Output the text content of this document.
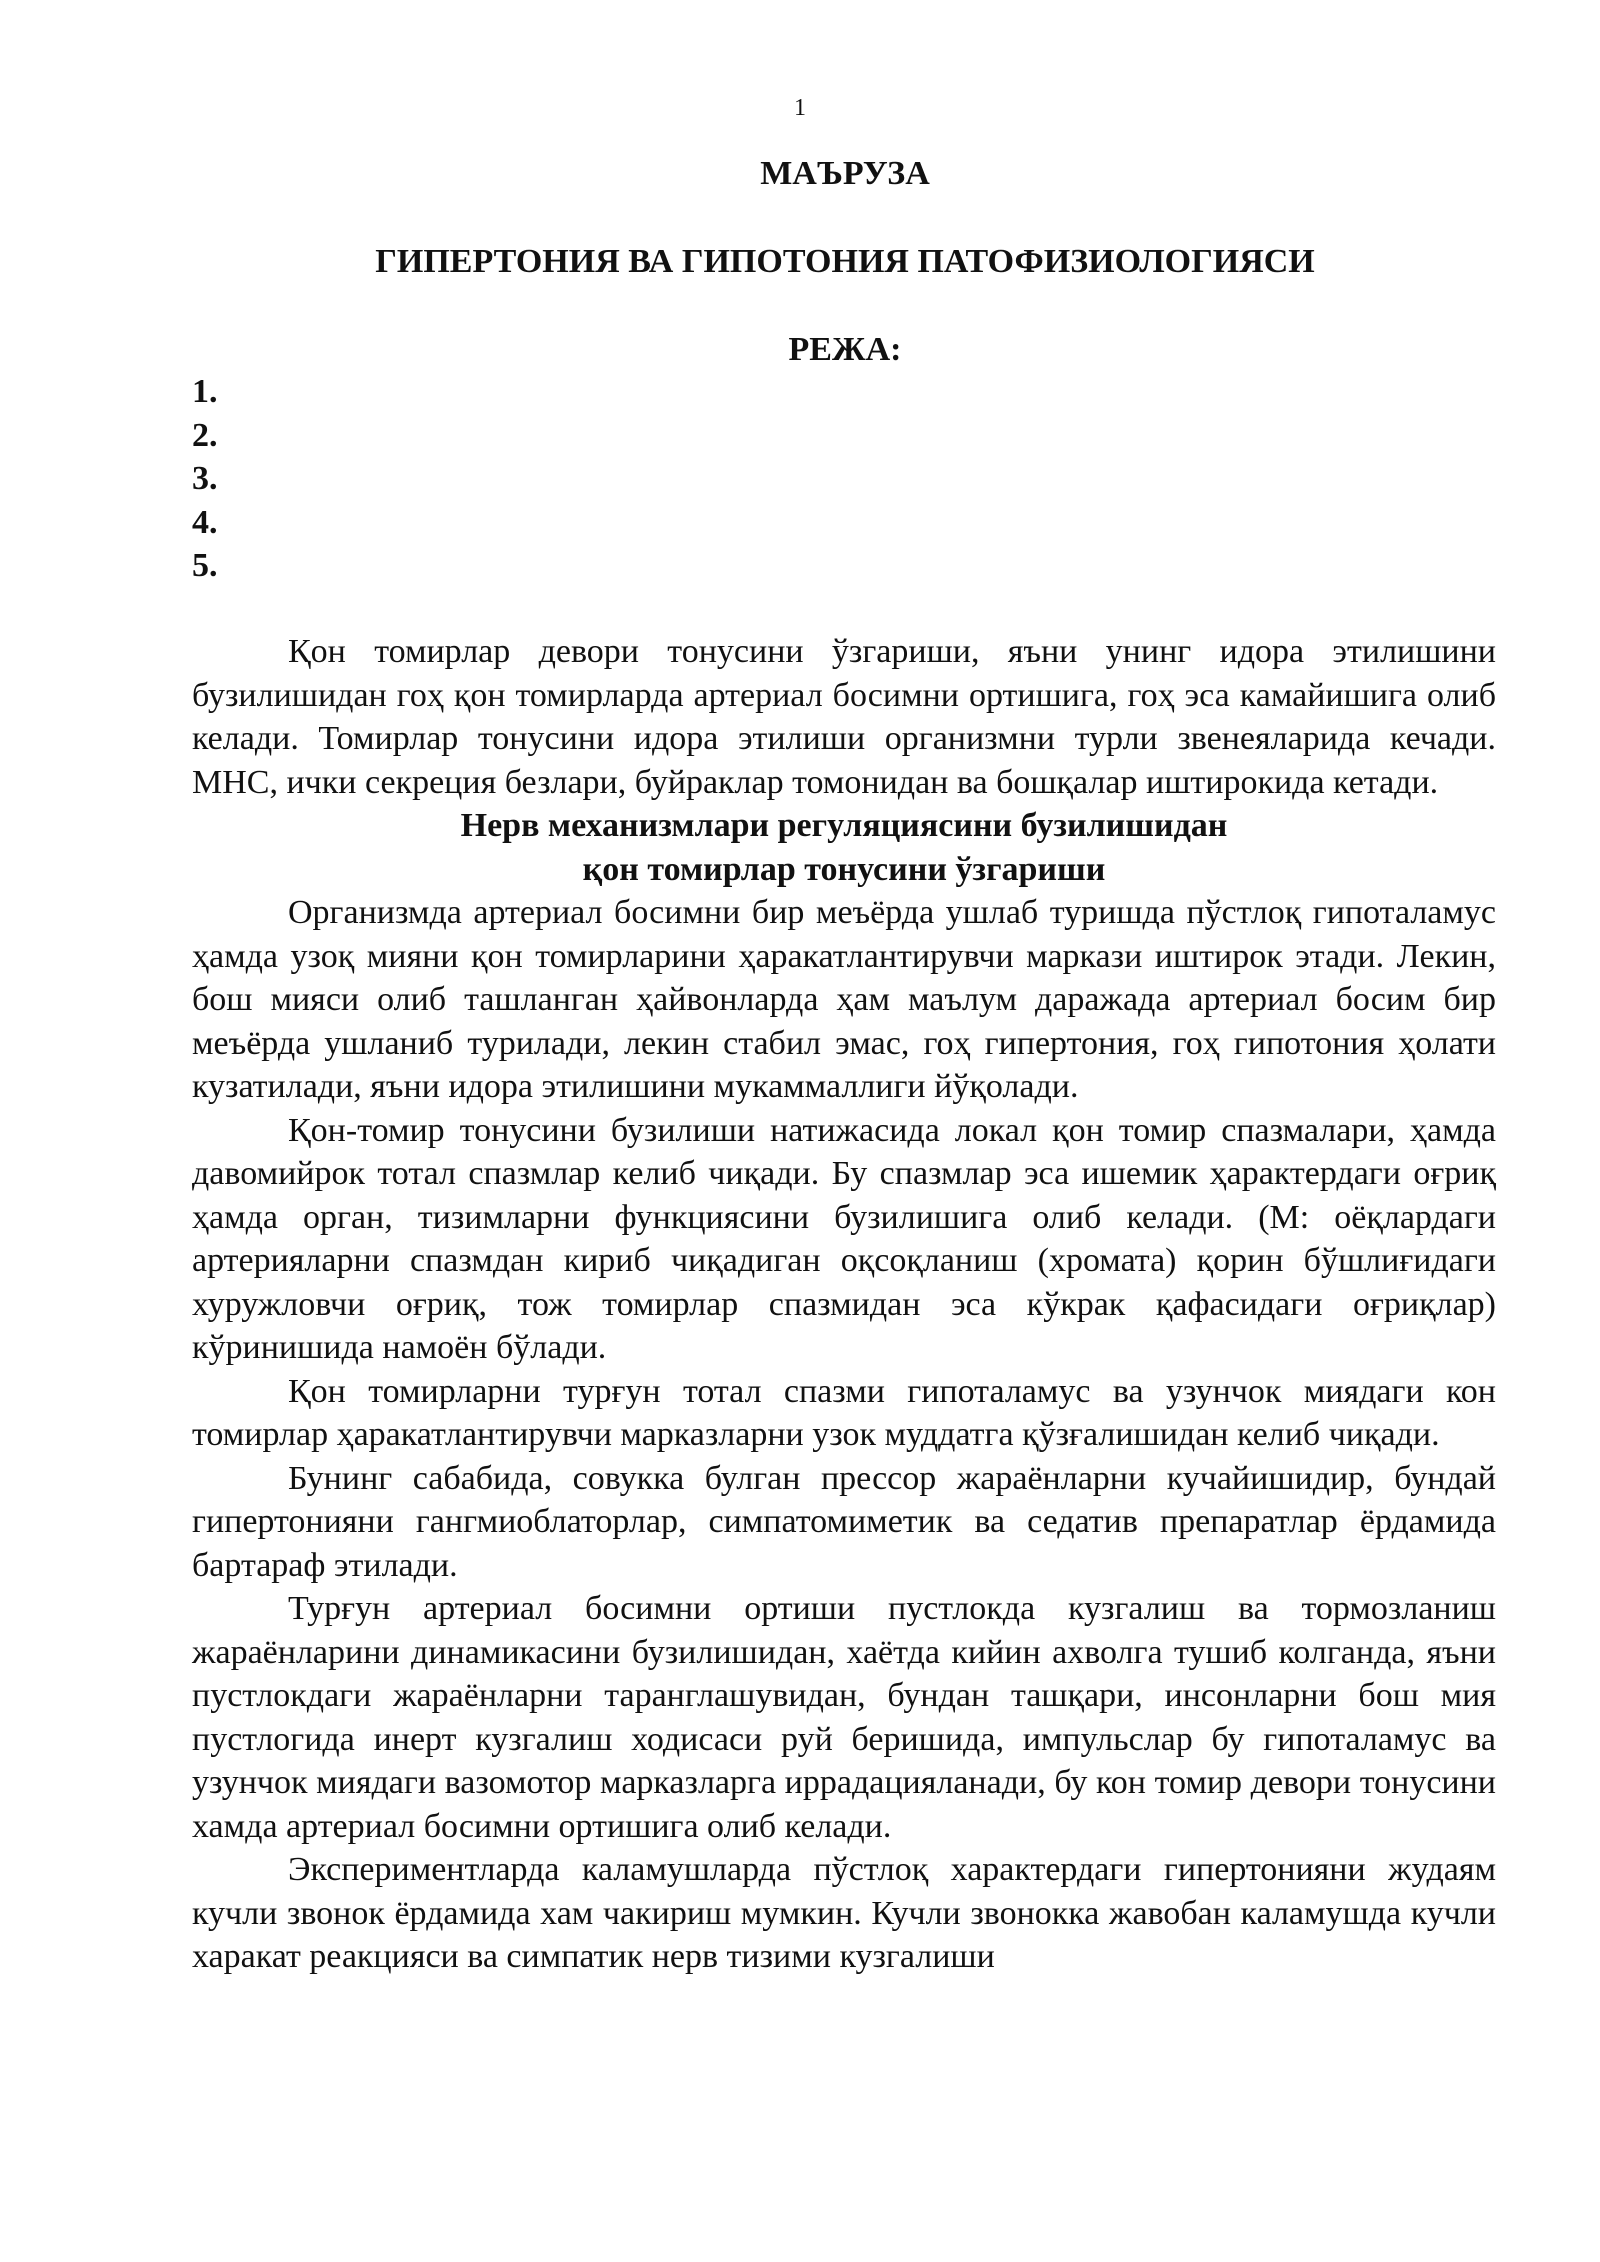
1
МАЪРУЗА
ГИПЕРТОНИЯ ВА ГИПОТОНИЯ ПАТОФИЗИОЛОГИЯСИ
РЕЖА:
1.
2.
3.
4.
5.

Қон томирлар девори тонусини ўзгариши, яъни унинг идора этилишини бузилишидан гоҳ қон томирларда артериал босимни ортишига, гоҳ эса камайишига олиб келади. Томирлар тонусини идора этилиши организмни турли звенеяларида кечади. МНС, ички секреция безлари, буйраклар томонидан ва бошқалар иштирокида кетади.

Нерв механизмлари регуляциясини бузилишидан
қон томирлар тонусини ўзгариши

Организмда артериал босимни бир меъёрда ушлаб туришда пўстлоқ гипоталамус ҳамда узоқ мияни қон томирларини ҳаракатлантирувчи маркази иштирок этади. Лекин, бош мияси олиб ташланган ҳайвонларда ҳам маълум даражада артериал босим бир меъёрда ушланиб турилади, лекин стабил эмас, гоҳ гипертония, гоҳ гипотония ҳолати кузатилади, яъни идора этилишини мукаммаллиги йўқолади.

Қон-томир тонусини бузилиши натижасида локал қон томир спазмалари, ҳамда давомийрок тотал спазмлар келиб чиқади. Бу спазмлар эса ишемик ҳарактердаги оғриқ ҳамда орган, тизимларни функциясини бузилишига олиб келади. (М: оёқлардаги артерияларни спазмдан кириб чиқадиган оқсоқланиш (хромата) қорин бўшлиғидаги хуружловчи оғриқ, тож томирлар спазмидан эса кўкрак қафасидаги оғриқлар) кўринишида намоён бўлади.

Қон томирларни турғун тотал спазми гипоталамус ва узунчок миядаги кон томирлар ҳаракатлантирувчи марказларни узок муддатга қўзғалишидан келиб чиқади.

Бунинг сабабида, совукка булган прессор жараёнларни кучайишидир, бундай гипертонияни гангмиоблаторлар, симпатомиметик ва седатив препаратлар ёрдамида бартараф этилади.

Турғун артериал босимни ортиши пустлокда кузгалиш ва тормозланиш жараёнларини динамикасини бузилишидан, хаётда кийин ахволга тушиб колганда, яъни пустлокдаги жараёнларни таранглашувидан, бундан ташқари, инсонларни бош мия пустлогида инерт кузгалиш ходисаси руй беришида, импульслар бу гипоталамус ва узунчок миядаги вазомотор марказларга иррадацияланади, бу кон томир девори тонусини хамда артериал босимни ортишига олиб келади.

Экспериментларда каламушларда пўстлоқ характердаги гипертонияни жудаям кучли звонок ёрдамида хам чакириш мумкин. Кучли звонокка жавобан каламушда кучли харакат реакцияси ва симпатик нерв тизими кузгалиши
